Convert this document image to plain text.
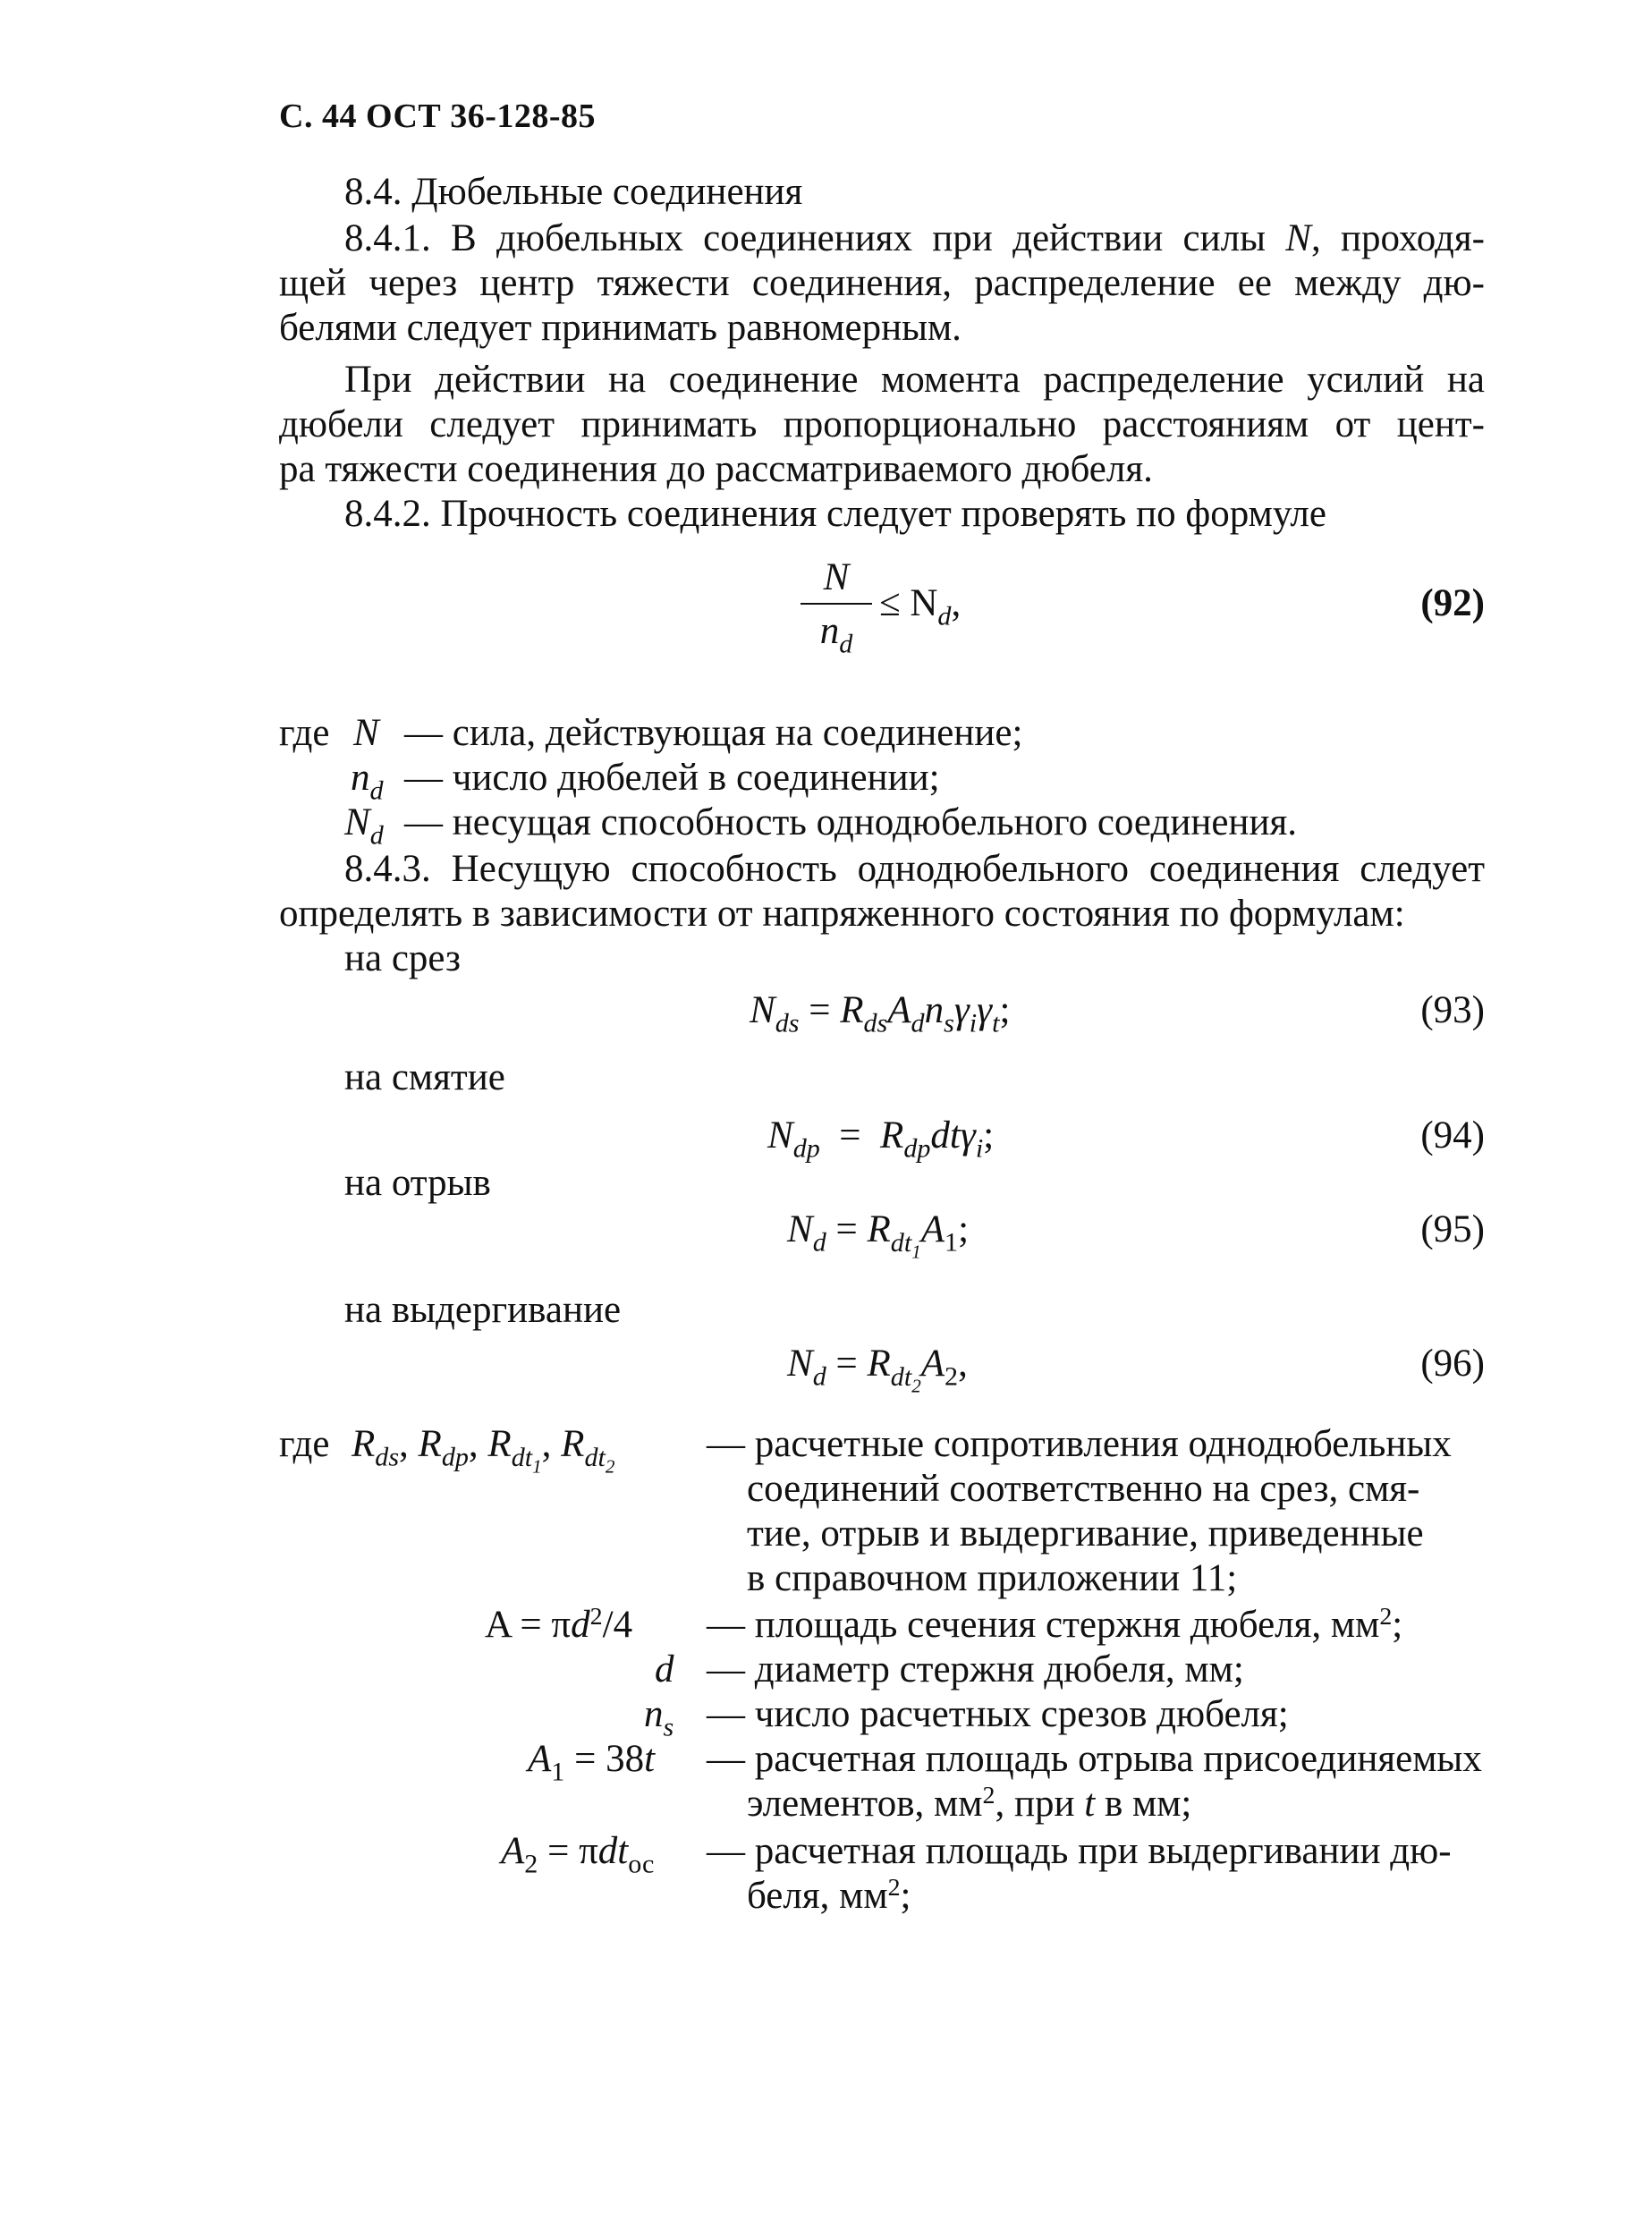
С. 44 ОСТ 36-128-85
8.4. Дюбельные соединения
8.4.1. В дюбельных соединениях при действии силы N, проходя-
щей через центр тяжести соединения, распределение ее между дю-
белями следует принимать равномерным.
При действии на соединение момента распределение усилий на
дюбели следует принимать пропорционально расстояниям от цент-
ра тяжести соединения до рассматриваемого дюбеля.
8.4.2. Прочность соединения следует проверять по формуле
N
$n_d$
≤ $N_d$,	(92)
где N — сила, действующая на соединение;
$n_d$ — число дюбелей в соединении;
$N_d$ — несущая способность однодюбельного соединения.
8.4.3. Несущую способность однодюбельного соединения следует
определять в зависимости от напряженного состояния по формулам:
на срез
$N_{ds} = R_{ds}A_dn_s\gamma_i\gamma_t$;	(93)
на смятие
$N_{dp} = R_{dp}dt\gamma_i$;	(94)
на отрыв
$N_d = R_{dt_1}A_1$;	(95)
на выдергивание
$N_d = R_{dt_2}A_2$,	(96)
где $R_{ds}$, $R_{dp}$, $R_{dt_1}$, $R_{dt_2}$
— расчетные сопротивления однодюбельных
соединений соответственно на срез, смя-
тие, отрыв и выдергивание, приведенные
в справочном приложении 11;
$A = \pi d^2/4$ — площадь сечения стержня дюбеля, $мм^2$;
d — диаметр стержня дюбеля, мм;
$n_s$ — число расчетных срезов дюбеля;
$A_1 = 38t$ — расчетная площадь отрыва присоединяемых
элементов, $мм^2$, при t в мм;
$A_2 = \pi dt_{ос}$ — расчетная площадь при выдергивании дю-
беля, $мм^2$;
